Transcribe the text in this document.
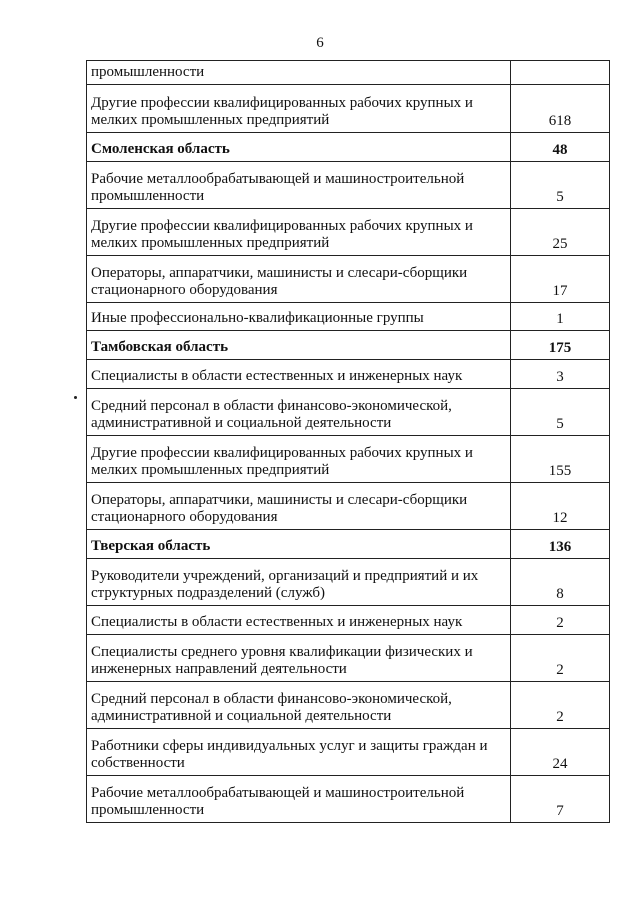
6
промышленности	
Другие профессии квалифицированных рабочих крупных и мелких промышленных предприятий	618
Смоленская область	48
Рабочие металлообрабатывающей и машиностроительной промышленности	5
Другие профессии квалифицированных рабочих крупных и мелких промышленных предприятий	25
Операторы, аппаратчики, машинисты и слесари-сборщики стационарного оборудования	17
Иные профессионально-квалификационные группы	1
Тамбовская область	175
Специалисты в области естественных и инженерных наук	3
Средний персонал в области финансово-экономической, административной и социальной деятельности	5
Другие профессии квалифицированных рабочих крупных и мелких промышленных предприятий	155
Операторы, аппаратчики, машинисты и слесари-сборщики стационарного оборудования	12
Тверская область	136
Руководители учреждений, организаций и предприятий и их структурных подразделений (служб)	8
Специалисты в области естественных и инженерных наук	2
Специалисты среднего уровня квалификации физических и инженерных направлений деятельности	2
Средний персонал в области финансово-экономической, административной и социальной деятельности	2
Работники сферы индивидуальных услуг и защиты граждан и собственности	24
Рабочие металлообрабатывающей и машиностроительной промышленности	7
